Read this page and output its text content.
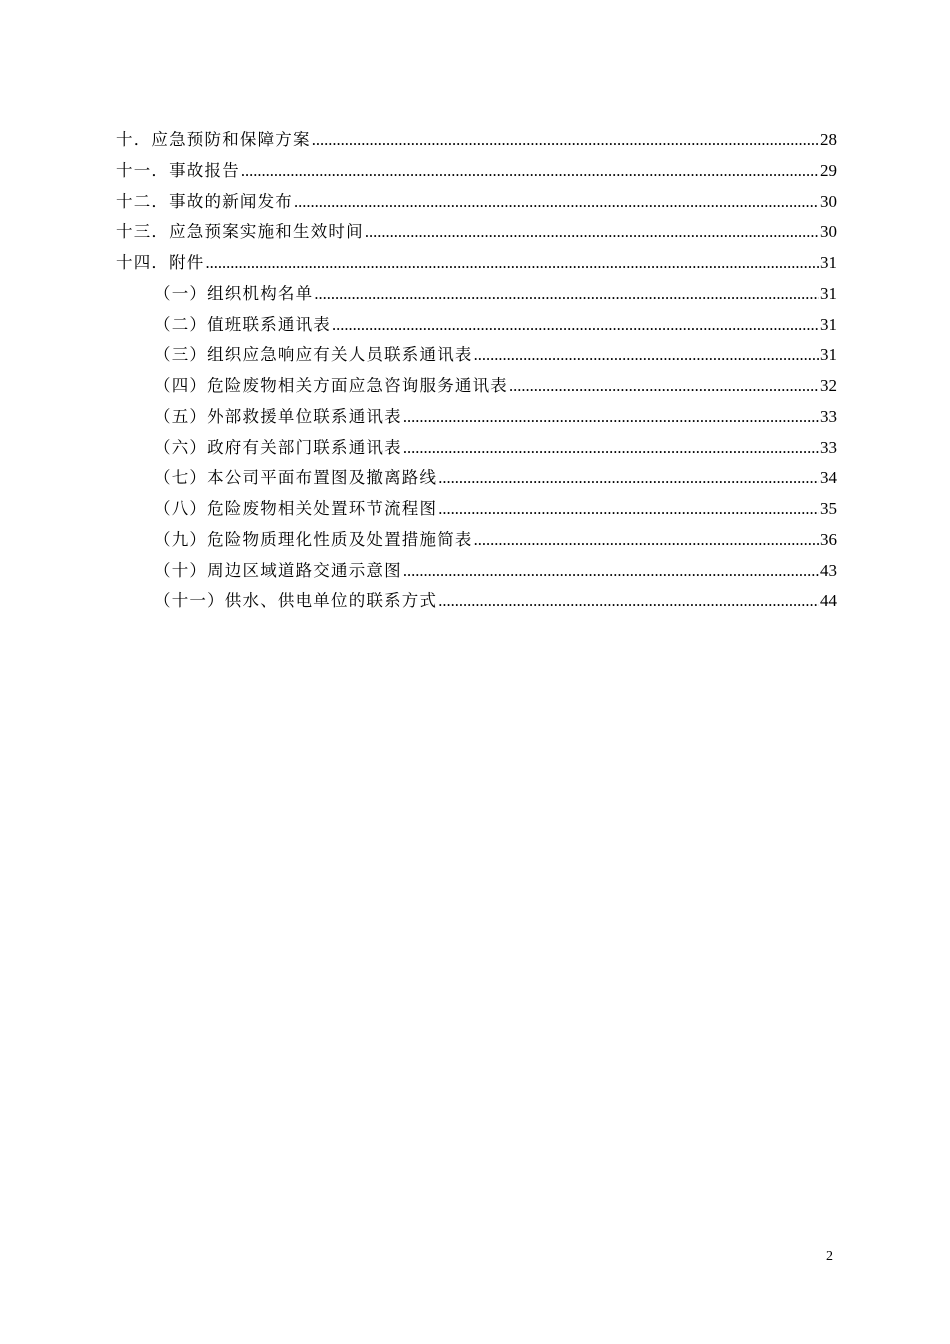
十．应急预防和保障方案 .....	28
十一．事故报告 .....	29
十二．事故的新闻发布 .....	30
十三．应急预案实施和生效时间 .....	30
十四．附件 .....	31
（一）组织机构名单 .....	31
（二）值班联系通讯表 .....	31
（三）组织应急响应有关人员联系通讯表 .....	31
（四）危险废物相关方面应急咨询服务通讯表 .....	32
（五）外部救援单位联系通讯表 .....	33
（六）政府有关部门联系通讯表 .....	33
（七）本公司平面布置图及撤离路线 .....	34
（八）危险废物相关处置环节流程图 .....	35
（九）危险物质理化性质及处置措施简表 .....	36
（十）周边区域道路交通示意图 .....	43
（十一）供水、供电单位的联系方式 .....	44
2
